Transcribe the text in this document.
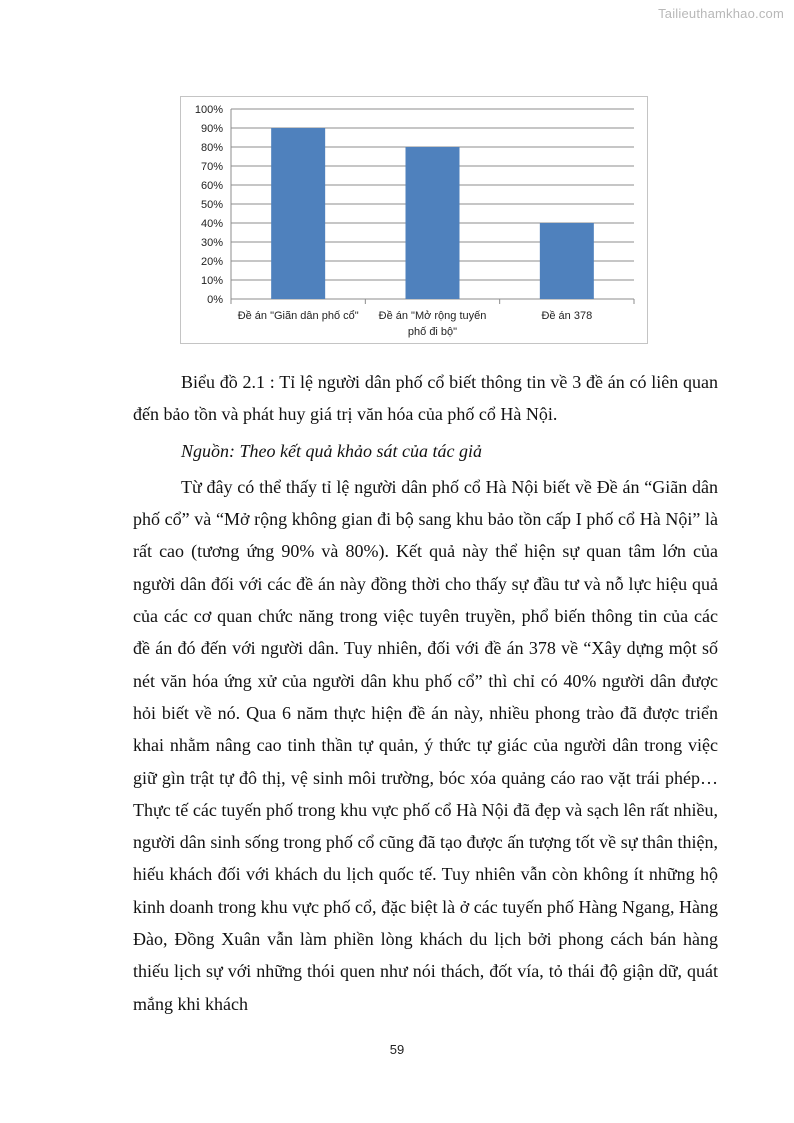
Tailieuthamkhao.com
0%
10%
20%
30%
40%
50%
60%
70%
80%
90%
100%
Đề án "Giãn dân phố cổ" Đề án "Mở rộng tuyến
phố đi bộ"
Đề án 378

Biểu đồ 2.1 : Tỉ lệ người dân phố cổ biết thông tin về 3 đề án có liên quan đến bảo tồn và phát huy giá trị văn hóa của phố cổ Hà Nội.

Nguồn: Theo kết quả khảo sát của tác giả

Từ đây có thể thấy tỉ lệ người dân phố cổ Hà Nội biết về Đề án “Giãn dân phố cổ” và “Mở rộng không gian đi bộ sang khu bảo tồn cấp I phố cổ Hà Nội” là rất cao (tương ứng 90% và 80%). Kết quả này thể hiện sự quan tâm lớn của người dân đối với các đề án này đồng thời cho thấy sự đầu tư và nỗ lực hiệu quả của các cơ quan chức năng trong việc tuyên truyền, phổ biến thông tin của các đề án đó đến với người dân. Tuy nhiên, đối với đề án 378 về “Xây dựng một số nét văn hóa ứng xử của người dân khu phố cổ” thì chỉ có 40% người dân được hỏi biết về nó. Qua 6 năm thực hiện đề án này, nhiều phong trào đã được triển khai nhằm nâng cao tinh thần tự quản, ý thức tự giác của người dân trong việc giữ gìn trật tự đô thị, vệ sinh môi trường, bóc xóa quảng cáo rao vặt trái phép… Thực tế các tuyến phố trong khu vực phố cổ Hà Nội đã đẹp và sạch lên rất nhiều, người dân sinh sống trong phố cổ cũng đã tạo được ấn tượng tốt về sự thân thiện, hiếu khách đối với khách du lịch quốc tế. Tuy nhiên vẫn còn không ít những hộ kinh doanh trong khu vực phố cổ, đặc biệt là ở các tuyến phố Hàng Ngang, Hàng Đào, Đồng Xuân vẫn làm phiền lòng khách du lịch bởi phong cách bán hàng thiếu lịch sự với những thói quen như nói thách, đốt vía, tỏ thái độ giận dữ, quát mắng khi khách

59
